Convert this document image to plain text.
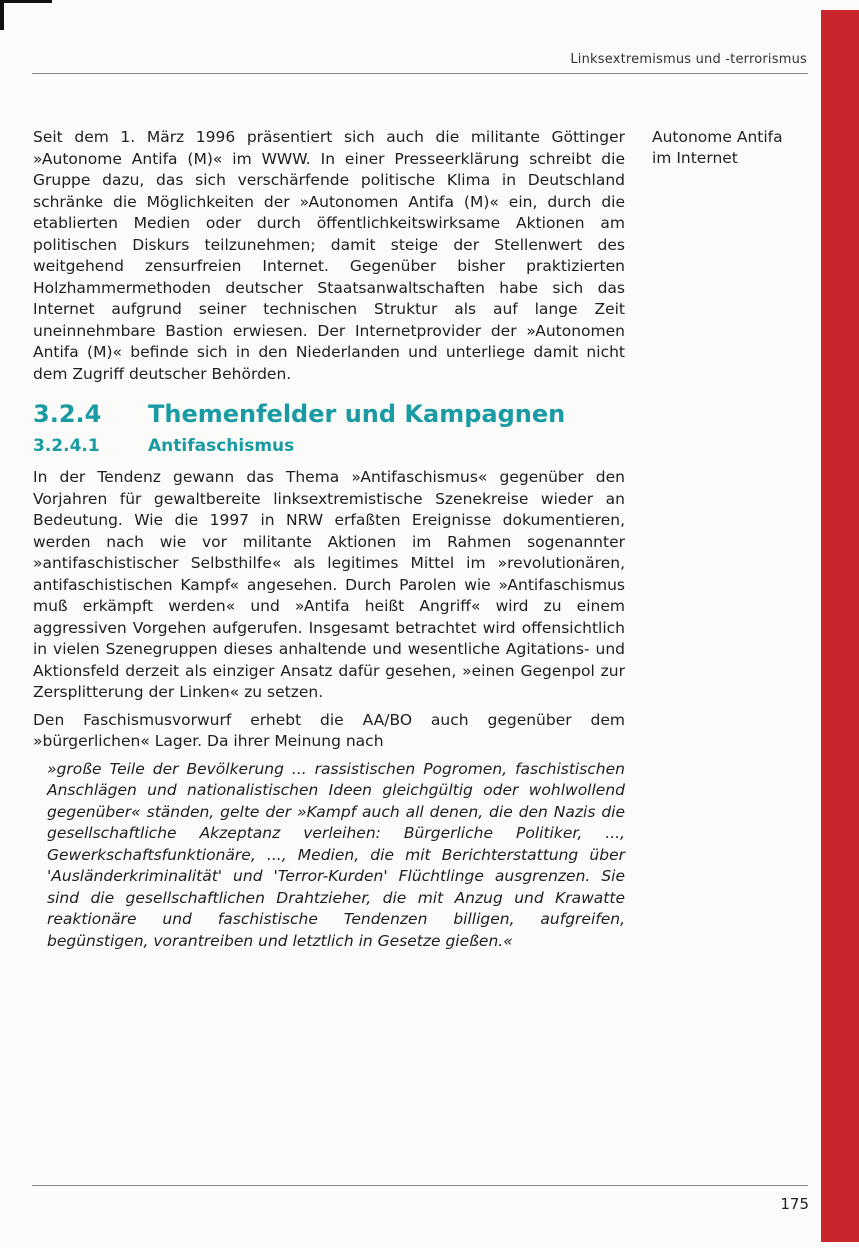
Linksextremismus und -terrorismus
Autonome Antifa
im Internet

Seit dem 1. März 1996 präsentiert sich auch die militante Göttinger »Autonome Antifa (M)« im WWW. In einer Presseerklärung schreibt die Gruppe dazu, das sich verschärfende politische Klima in Deutschland schränke die Möglichkeiten der »Autonomen Antifa (M)« ein, durch die etablierten Medien oder durch öffentlichkeitswirksame Aktionen am politischen Diskurs teilzunehmen; damit steige der Stellenwert des weitgehend zensurfreien Internet. Gegenüber bisher praktizierten Holzhammermethoden deutscher Staatsanwaltschaften habe sich das Internet aufgrund seiner technischen Struktur als auf lange Zeit uneinnehmbare Bastion erwiesen. Der Internetprovider der »Autonomen Antifa (M)« befinde sich in den Niederlanden und unterliege damit nicht dem Zugriff deutscher Behörden.

3.2.4	Themenfelder und Kampagnen
3.2.4.1	Antifaschismus

In der Tendenz gewann das Thema »Antifaschismus« gegenüber den Vorjahren für gewaltbereite linksextremistische Szenekreise wieder an Bedeutung. Wie die 1997 in NRW erfaßten Ereignisse dokumentieren, werden nach wie vor militante Aktionen im Rahmen sogenannter »antifaschistischer Selbsthilfe« als legitimes Mittel im »revolutionären, antifaschistischen Kampf« angesehen. Durch Parolen wie »Antifaschismus muß erkämpft werden« und »Antifa heißt Angriff« wird zu einem aggressiven Vorgehen aufgerufen. Insgesamt betrachtet wird offensichtlich in vielen Szenegruppen dieses anhaltende und wesentliche Agitations- und Aktionsfeld derzeit als einziger Ansatz dafür gesehen, »einen Gegenpol zur Zersplitterung der Linken« zu setzen.

Den Faschismusvorwurf erhebt die AA/BO auch gegenüber dem »bürgerlichen« Lager. Da ihrer Meinung nach

»große Teile der Bevölkerung ... rassistischen Pogromen, faschistischen Anschlägen und nationalistischen Ideen gleichgültig oder wohlwollend gegenüber« ständen, gelte der »Kampf auch all denen, die den Nazis die gesellschaftliche Akzeptanz verleihen: Bürgerliche Politiker, ..., Gewerkschaftsfunktionäre, ..., Medien, die mit Berichterstattung über 'Ausländerkriminalität' und 'Terror-Kurden' Flüchtlinge ausgrenzen. Sie sind die gesellschaftlichen Drahtzieher, die mit Anzug und Krawatte reaktionäre und faschistische Tendenzen billigen, aufgreifen, begünstigen, vorantreiben und letztlich in Gesetze gießen.«
175
